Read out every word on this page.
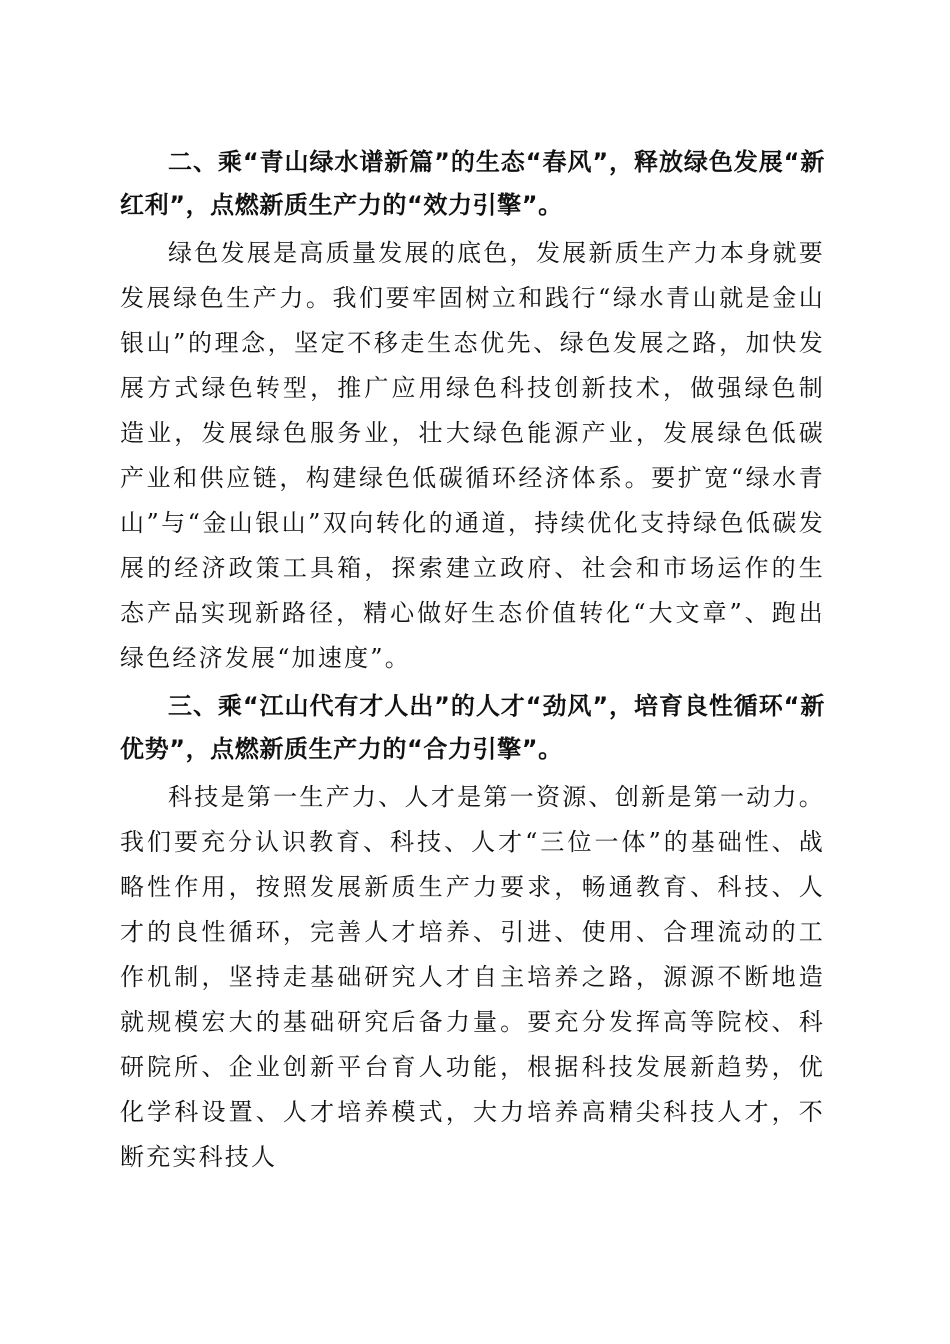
二、乘“青山绿水谱新篇”的生态“春风”，释放绿色发展“新红利”，点燃新质生产力的“效力引擎”。

绿色发展是高质量发展的底色，发展新质生产力本身就要发展绿色生产力。我们要牢固树立和践行“绿水青山就是金山银山”的理念，坚定不移走生态优先、绿色发展之路，加快发展方式绿色转型，推广应用绿色科技创新技术，做强绿色制造业，发展绿色服务业，壮大绿色能源产业，发展绿色低碳产业和供应链，构建绿色低碳循环经济体系。要扩宽“绿水青山”与“金山银山”双向转化的通道，持续优化支持绿色低碳发展的经济政策工具箱，探索建立政府、社会和市场运作的生态产品实现新路径，精心做好生态价值转化“大文章”、跑出绿色经济发展“加速度”。

三、乘“江山代有才人出”的人才“劲风”，培育良性循环“新优势”，点燃新质生产力的“合力引擎”。

科技是第一生产力、人才是第一资源、创新是第一动力。我们要充分认识教育、科技、人才“三位一体”的基础性、战略性作用，按照发展新质生产力要求，畅通教育、科技、人才的良性循环，完善人才培养、引进、使用、合理流动的工作机制，坚持走基础研究人才自主培养之路，源源不断地造就规模宏大的基础研究后备力量。要充分发挥高等院校、科研院所、企业创新平台育人功能，根据科技发展新趋势，优化学科设置、人才培养模式，大力培养高精尖科技人才，不断充实科技人
